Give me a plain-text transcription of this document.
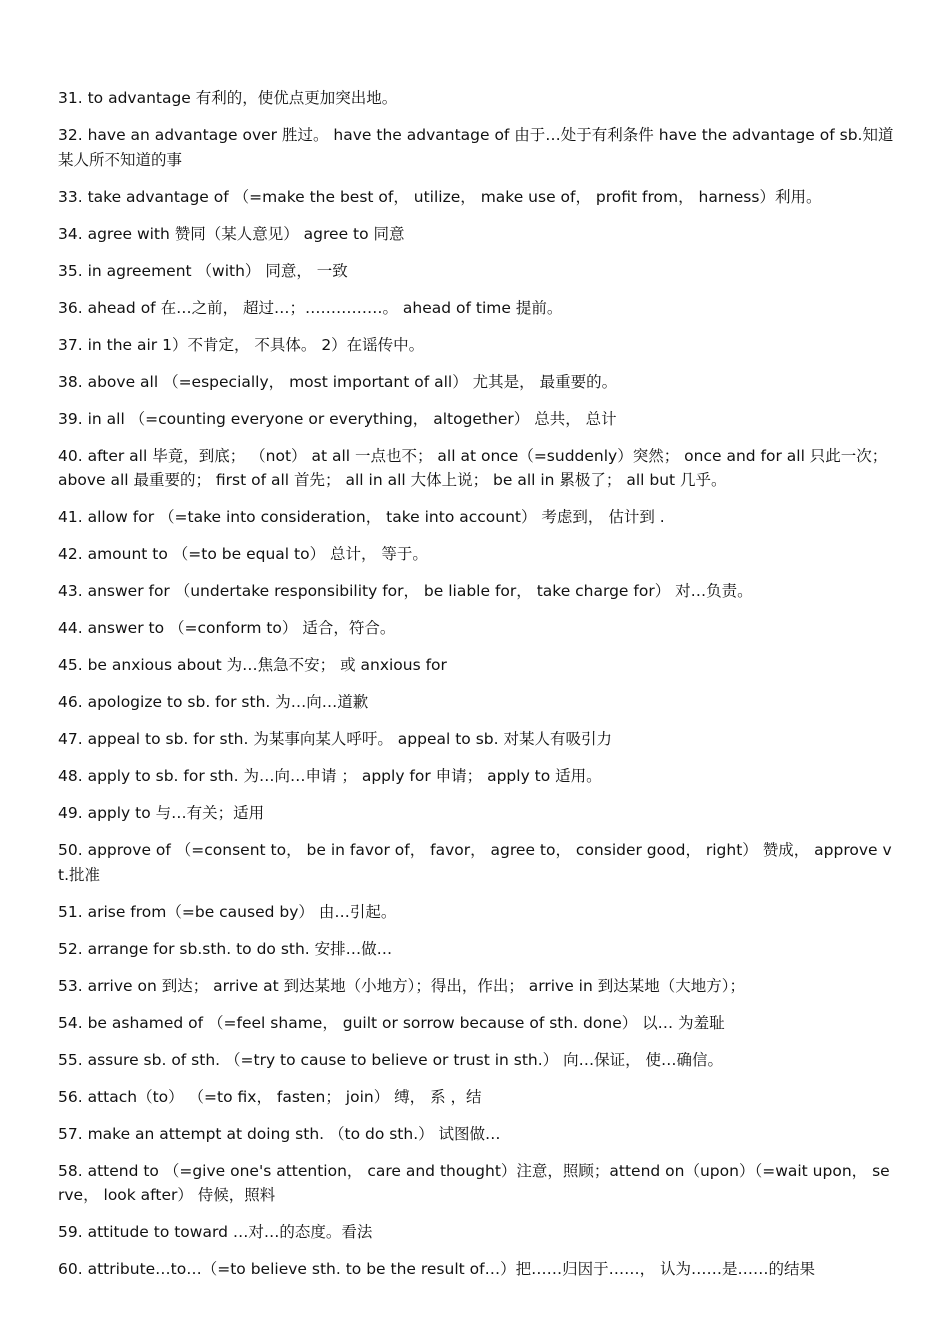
31. to advantage 有利的，使优点更加突出地。

32. have an advantage over 胜过。 have the advantage of 由于…处于有利条件 have the advantage of sb.知道某人所不知道的事

33. take advantage of （=make the best of， utilize， make use of， profit from， harness）利用。

34. agree with 赞同（某人意见） agree to 同意

35. in agreement （with） 同意， 一致

36. ahead of 在…之前， 超过…；……………。 ahead of time 提前。

37. in the air 1）不肯定， 不具体。 2）在谣传中。

38. above all （=especially， most important of all） 尤其是， 最重要的。

39. in all （=counting everyone or everything， altogether） 总共， 总计

40. after all 毕竟，到底； （not） at all 一点也不； all at once（=suddenly）突然； once and for all 只此一次； above all 最重要的； first of all 首先； all in all 大体上说； be all in 累极了； all but 几乎。

41. allow for （=take into consideration， take into account） 考虑到， 估计到 .

42. amount to （=to be equal to） 总计， 等于。

43. answer for （undertake responsibility for， be liable for， take charge for） 对…负责。

44. answer to （=conform to） 适合，符合。

45. be anxious about 为…焦急不安； 或 anxious for

46. apologize to sb. for sth. 为…向…道歉

47. appeal to sb. for sth. 为某事向某人呼吁。 appeal to sb. 对某人有吸引力

48. apply to sb. for sth. 为…向…申请 ； apply for 申请； apply to 适用。

49. apply to 与…有关；适用

50. approve of （=consent to， be in favor of， favor， agree to， consider good， right） 赞成， approve vt.批准

51. arise from（=be caused by） 由…引起。

52. arrange for sb.sth. to do sth. 安排…做…

53. arrive on 到达； arrive at 到达某地（小地方）；得出，作出； arrive in 到达某地（大地方）；

54. be ashamed of （=feel shame， guilt or sorrow because of sth. done） 以… 为羞耻

55. assure sb. of sth. （=try to cause to believe or trust in sth.） 向…保证， 使…确信。

56. attach（to） （=to fix， fasten； join） 缚， 系 ，结

57. make an attempt at doing sth. （to do sth.） 试图做…

58. attend to （=give one's attention， care and thought）注意，照顾；attend on（upon）（=wait upon， serve， look after） 侍候，照料

59. attitude to toward …对…的态度。看法

60. attribute…to…（=to believe sth. to be the result of…）把……归因于……， 认为……是……的结果
